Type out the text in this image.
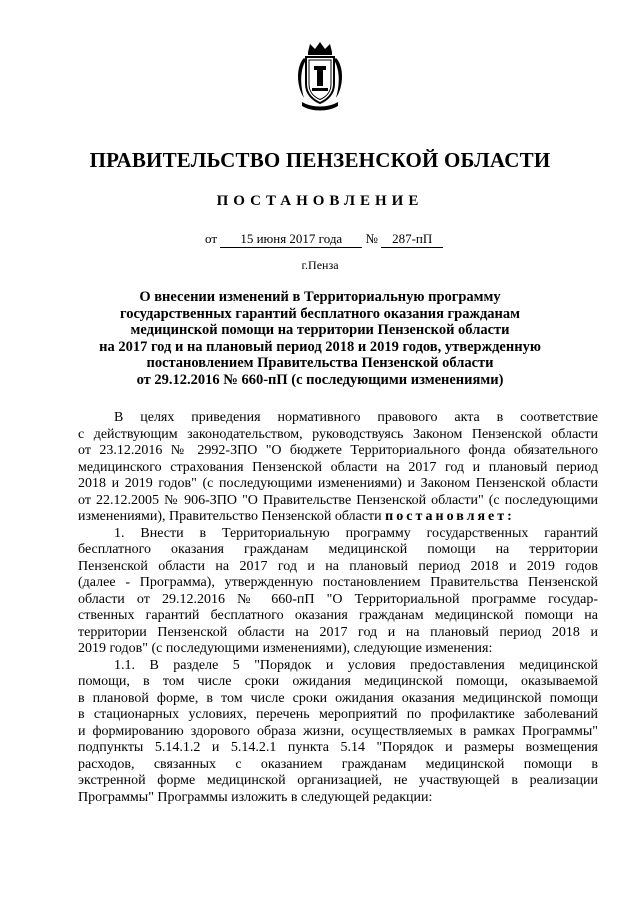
ПРАВИТЕЛЬСТВО ПЕНЗЕНСКОЙ ОБЛАСТИ
ПОСТАНОВЛЕНИЕ
от 15 июня 2017 года № 287-пП
г.Пенза
О внесении изменений в Территориальную программу
государственных гарантий бесплатного оказания гражданам
медицинской помощи на территории Пензенской области
на 2017 год и на плановый период 2018 и 2019 годов, утвержденную
постановлением Правительства Пензенской области
от 29.12.2016 № 660-пП (с последующими изменениями)
В целях приведения нормативного правового акта в соответствие
с действующим законодательством, руководствуясь Законом Пензенской области
от 23.12.2016 № 2992-ЗПО "О бюджете Территориального фонда обязательного
медицинского страхования Пензенской области на 2017 год и плановый период
2018 и 2019 годов" (с последующими изменениями) и Законом Пензенской области
от 22.12.2005 № 906-ЗПО "О Правительстве Пензенской области" (с последующими
изменениями), Правительство Пензенской области постановляет:
1. Внести в Территориальную программу государственных гарантий
бесплатного оказания гражданам медицинской помощи на территории
Пензенской области на 2017 год и на плановый период 2018 и 2019 годов
(далее - Программа), утвержденную постановлением Правительства Пензенской
области от 29.12.2016 № 660-пП "О Территориальной программе государ-
ственных гарантий бесплатного оказания гражданам медицинской помощи на
территории Пензенской области на 2017 год и на плановый период 2018 и
2019 годов" (с последующими изменениями), следующие изменения:
1.1. В разделе 5 "Порядок и условия предоставления медицинской
помощи, в том числе сроки ожидания медицинской помощи, оказываемой
в плановой форме, в том числе сроки ожидания оказания медицинской помощи
в стационарных условиях, перечень мероприятий по профилактике заболеваний
и формированию здорового образа жизни, осуществляемых в рамках Программы"
подпункты 5.14.1.2 и 5.14.2.1 пункта 5.14 "Порядок и размеры возмещения
расходов, связанных с оказанием гражданам медицинской помощи в
экстренной форме медицинской организацией, не участвующей в реализации
Программы" Программы изложить в следующей редакции:
